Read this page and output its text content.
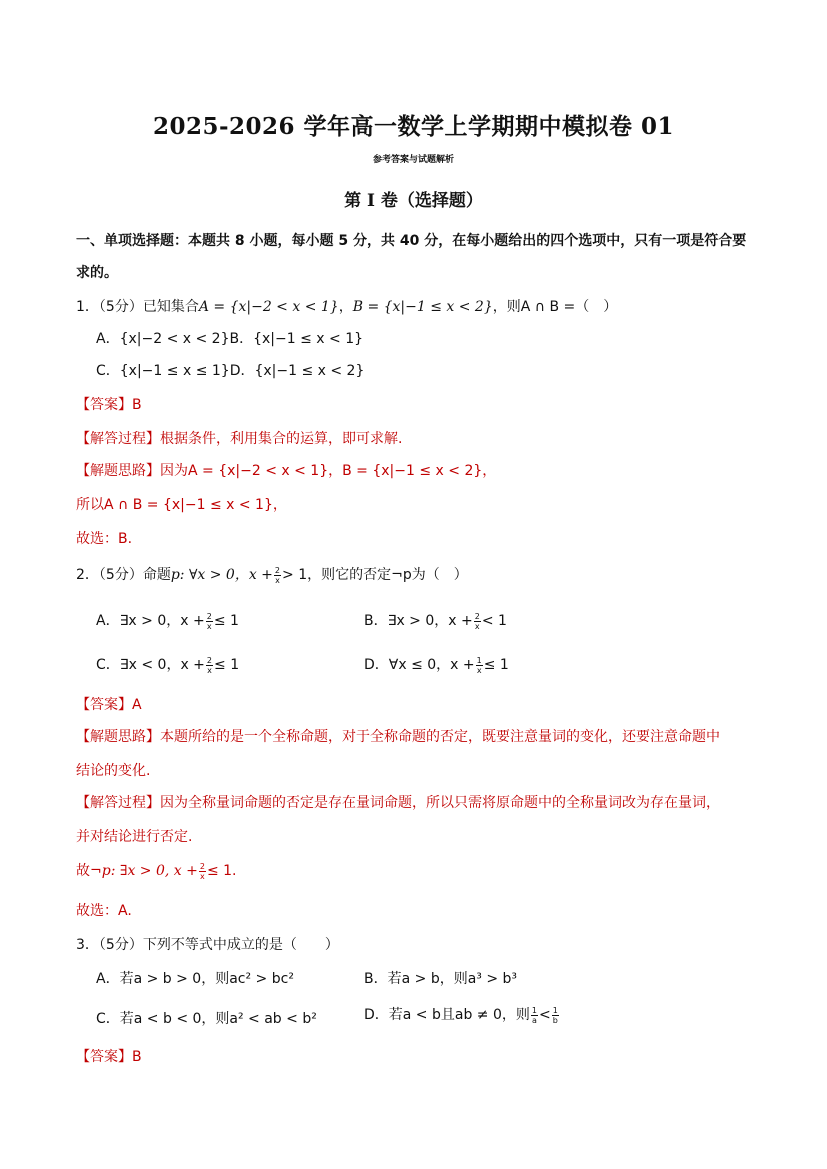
2025-2026 学年高一数学上学期期中模拟卷 01
参考答案与试题解析
第 I 卷（选择题）
一、单项选择题：本题共 8 小题，每小题 5 分，共 40 分，在每小题给出的四个选项中，只有一项是符合要
求的。
1．（5分）已知集合A = {x|−2 < x < 1}，B = {x|−1 ≤ x < 2}，则A ∩ B =（　）
A．{x|−2 < x < 2}B．{x|−1 ≤ x < 1}
C．{x|−1 ≤ x ≤ 1}D．{x|−1 ≤ x < 2}
【答案】B
【解答过程】根据条件，利用集合的运算，即可求解.
【解题思路】因为A = {x|−2 < x < 1}，B = {x|−1 ≤ x < 2}，
所以A ∩ B = {x|−1 ≤ x < 1}，
故选：B.
2．（5分）命题p: ∀x > 0，$x + \frac{2}{x} > 1$，则它的否定¬p为（　）
A．∃x > 0，$x + \frac{2}{x} \le 1$	B．∃x > 0，$x + \frac{2}{x} < 1$
C．∃x < 0，$x + \frac{2}{x} \le 1$	D．∀x ≤ 0，$x + \frac{1}{x} \le 1$
【答案】A
【解题思路】本题所给的是一个全称命题，对于全称命题的否定，既要注意量词的变化，还要注意命题中
结论的变化.
【解答过程】因为全称量词命题的否定是存在量词命题，所以只需将原命题中的全称量词改为存在量词，
并对结论进行否定.
故¬p: ∃x > 0, $x + \frac{2}{x} \le 1$.
故选：A.
3．（5分）下列不等式中成立的是（　　）
A．若a > b > 0，则ac² > bc²	B．若a > b，则a³ > b³
C．若a < b < 0，则a² < ab < b²	D．若a < b且ab ≠ 0，则 $\frac{1}{a} < \frac{1}{b}$
【答案】B
